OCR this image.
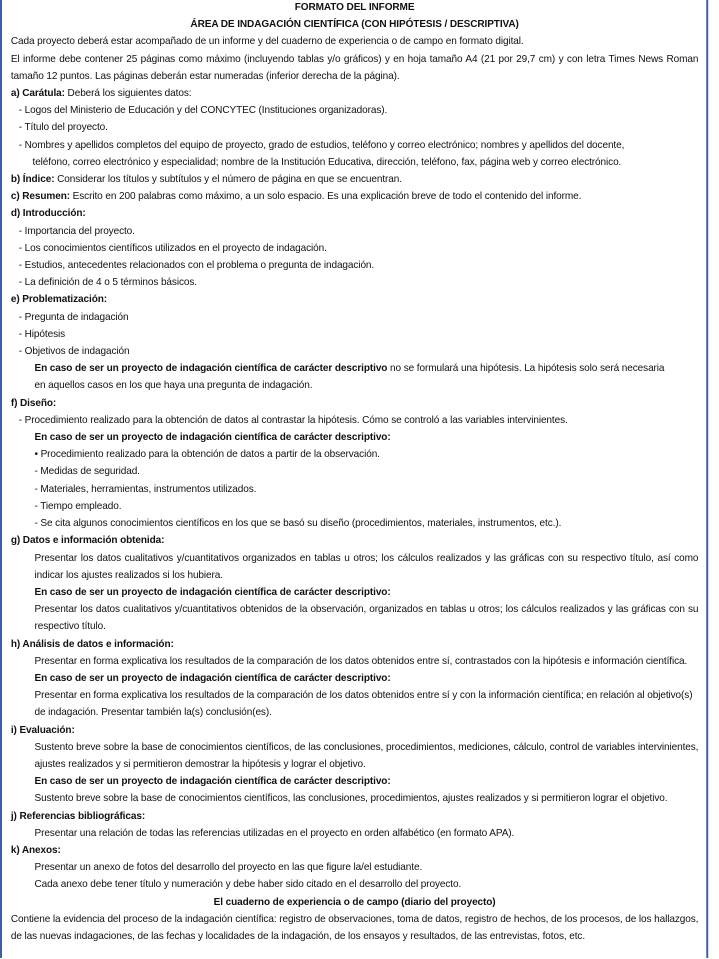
FORMATO DEL INFORME
ÁREA DE INDAGACIÓN CIENTÍFICA (CON HIPÓTESIS / DESCRIPTIVA)

Cada proyecto deberá estar acompañado de un informe y del cuaderno de experiencia o de campo en formato digital.

El informe debe contener 25 páginas como máximo (incluyendo tablas y/o gráficos) y en hoja tamaño A4 (21 por 29,7 cm) y con letra Times News Roman tamaño 12 puntos. Las páginas deberán estar numeradas (inferior derecha de la página).

a) Carátula: Deberá los siguientes datos:
- Logos del Ministerio de Educación y del CONCYTEC (Instituciones organizadoras).
- Título del proyecto.
- Nombres y apellidos completos del equipo de proyecto, grado de estudios, teléfono y correo electrónico; nombres y apellidos del docente,
teléfono, correo electrónico y especialidad; nombre de la Institución Educativa, dirección, teléfono, fax, página web y correo electrónico.
b) Índice: Considerar los títulos y subtítulos y el número de página en que se encuentran.
c) Resumen: Escrito en 200 palabras como máximo, a un solo espacio. Es una explicación breve de todo el contenido del informe.
d) Introducción:
- Importancia del proyecto.
- Los conocimientos científicos utilizados en el proyecto de indagación.
- Estudios, antecedentes relacionados con el problema o pregunta de indagación.
- La definición de 4 o 5 términos básicos.
e) Problematización:
- Pregunta de indagación
- Hipótesis
- Objetivos de indagación
En caso de ser un proyecto de indagación científica de carácter descriptivo no se formulará una hipótesis. La hipótesis solo será necesaria
en aquellos casos en los que haya una pregunta de indagación.
f) Diseño:
- Procedimiento realizado para la obtención de datos al contrastar la hipótesis. Cómo se controló a las variables intervinientes.
En caso de ser un proyecto de indagación científica de carácter descriptivo:
• Procedimiento realizado para la obtención de datos a partir de la observación.
- Medidas de seguridad.
- Materiales, herramientas, instrumentos utilizados.
- Tiempo empleado.
- Se cita algunos conocimientos científicos en los que se basó su diseño (procedimientos, materiales, instrumentos, etc.).
g) Datos e información obtenida:

Presentar los datos cualitativos y/cuantitativos organizados en tablas u otros; los cálculos realizados y las gráficas con su respectivo título, así como indicar los ajustes realizados si los hubiera.

En caso de ser un proyecto de indagación científica de carácter descriptivo:

Presentar los datos cualitativos y/cuantitativos obtenidos de la observación, organizados en tablas u otros; los cálculos realizados y las gráficas con su respectivo título.

h) Análisis de datos e información:

Presentar en forma explicativa los resultados de la comparación de los datos obtenidos entre sí, contrastados con la hipótesis e información científica.

En caso de ser un proyecto de indagación científica de carácter descriptivo:

Presentar en forma explicativa los resultados de la comparación de los datos obtenidos entre sí y con la información científica; en relación al objetivo(s) de indagación. Presentar también la(s) conclusión(es).

i) Evaluación:

Sustento breve sobre la base de conocimientos científicos, de las conclusiones, procedimientos, mediciones, cálculo, control de variables intervinientes, ajustes realizados y si permitieron demostrar la hipótesis y lograr el objetivo.

En caso de ser un proyecto de indagación científica de carácter descriptivo:

Sustento breve sobre la base de conocimientos científicos, las conclusiones, procedimientos, ajustes realizados y si permitieron lograr el objetivo.

j) Referencias bibliográficas:
Presentar una relación de todas las referencias utilizadas en el proyecto en orden alfabético (en formato APA).
k) Anexos:
Presentar un anexo de fotos del desarrollo del proyecto en las que figure la/el estudiante.
Cada anexo debe tener título y numeración y debe haber sido citado en el desarrollo del proyecto.
El cuaderno de experiencia o de campo (diario del proyecto)

Contiene la evidencia del proceso de la indagación científica: registro de observaciones, toma de datos, registro de hechos, de los procesos, de los hallazgos, de las nuevas indagaciones, de las fechas y localidades de la indagación, de los ensayos y resultados, de las entrevistas, fotos, etc.
